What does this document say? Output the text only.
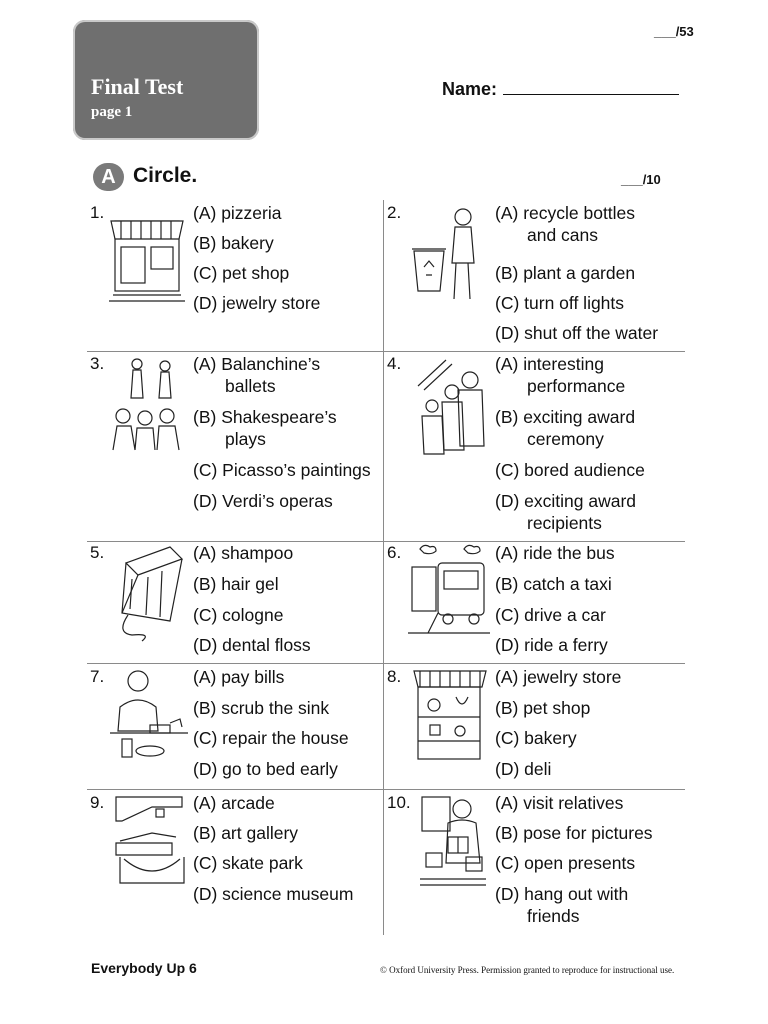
Final Test
page 1
___/53
Name:
A Circle.	___/10
1.	(A) pizzeria
(B) bakery
(C) pet shop
(D) jewelry store
2.	(A) recycle bottles
and cans
(B) plant a garden
(C) turn off lights
(D) shut off the water
3.	(A) Balanchine’s
ballets
(B) Shakespeare’s
plays
(C) Picasso’s paintings
(D) Verdi’s operas
4.	(A) interesting
performance
(B) exciting award
ceremony
(C) bored audience
(D) exciting award
recipients
5.	(A) shampoo
(B) hair gel
(C) cologne
(D) dental floss
6.	(A) ride the bus
(B) catch a taxi
(C) drive a car
(D) ride a ferry
7.	(A) pay bills
(B) scrub the sink
(C) repair the house
(D) go to bed early
8.	(A) jewelry store
(B) pet shop
(C) bakery
(D) deli
9.	(A) arcade
(B) art gallery
(C) skate park
(D) science museum
10.	(A) visit relatives
(B) pose for pictures
(C) open presents
(D) hang out with
friends
Everybody Up 6	© Oxford University Press. Permission granted to reproduce for instructional use.
